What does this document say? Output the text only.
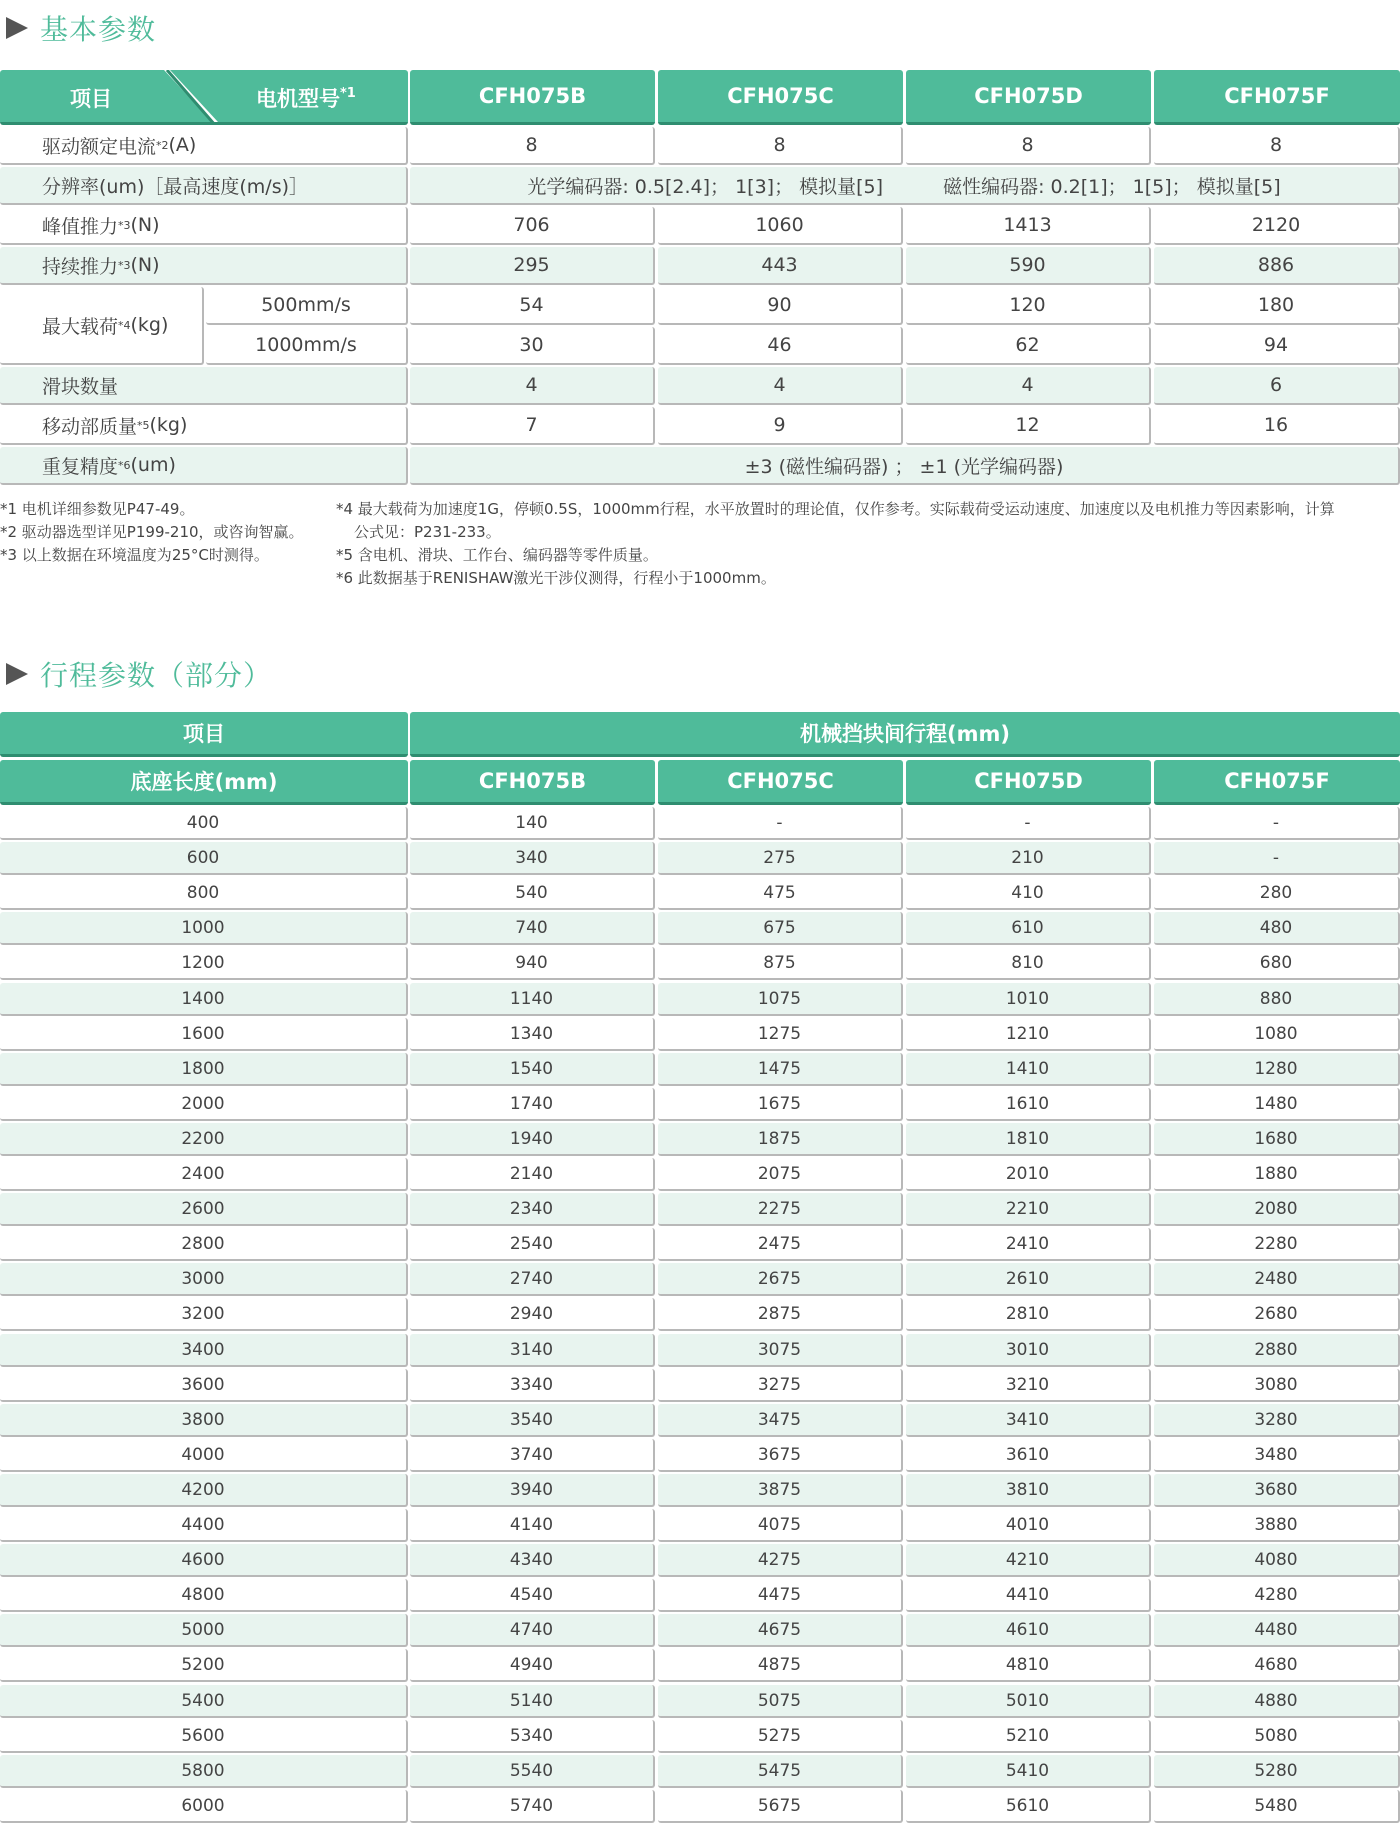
基本参数
项目	电机型号$^{*1}$	CFH075B	CFH075C	CFH075D	CFH075F
驱动额定电流 *2 (A)	8	8	8	8
分辨率(um)［最高速度(m/s)］	光学编码器: 0.5[2.4]； 1[3]； 模拟量[5]	磁性编码器: 0.2[1]； 1[5]； 模拟量[5]
峰值推力 *3 (N)	706	1060	1413	2120
持续推力 *3 (N)	295	443	590	886
最大载荷 *4 (kg)
500mm/s	54	90	120	180
1000mm/s	30	46	62	94
滑块数量	4	4	4	6
移动部质量 *5 (kg)	7	9	12	16
重复精度 *6 (um)	±3 (磁性编码器) ； ±1 (光学编码器)
*1 电机详细参数见P47-49。
*2 驱动器选型详见P199-210，或咨询智赢。
*3 以上数据在环境温度为25°C时测得。
*4 最大载荷为加速度1G，停顿0.5S，1000mm行程，水平放置时的理论值，仅作参考。实际载荷受运动速度、加速度以及电机推力等因素影响，计算
公式见：P231-233。
*5 含电机、滑块、工作台、编码器等零件质量。
*6 此数据基于RENISHAW激光干涉仪测得，行程小于1000mm。
行程参数（部分）
项目	机械挡块间行程(mm)
底座长度(mm)	CFH075B	CFH075C	CFH075D	CFH075F
400	140	-	-	-
600	340	275	210	-
800	540	475	410	280
1000	740	675	610	480
1200	940	875	810	680
1400	1140	1075	1010	880
1600	1340	1275	1210	1080
1800	1540	1475	1410	1280
2000	1740	1675	1610	1480
2200	1940	1875	1810	1680
2400	2140	2075	2010	1880
2600	2340	2275	2210	2080
2800	2540	2475	2410	2280
3000	2740	2675	2610	2480
3200	2940	2875	2810	2680
3400	3140	3075	3010	2880
3600	3340	3275	3210	3080
3800	3540	3475	3410	3280
4000	3740	3675	3610	3480
4200	3940	3875	3810	3680
4400	4140	4075	4010	3880
4600	4340	4275	4210	4080
4800	4540	4475	4410	4280
5000	4740	4675	4610	4480
5200	4940	4875	4810	4680
5400	5140	5075	5010	4880
5600	5340	5275	5210	5080
5800	5540	5475	5410	5280
6000	5740	5675	5610	5480
